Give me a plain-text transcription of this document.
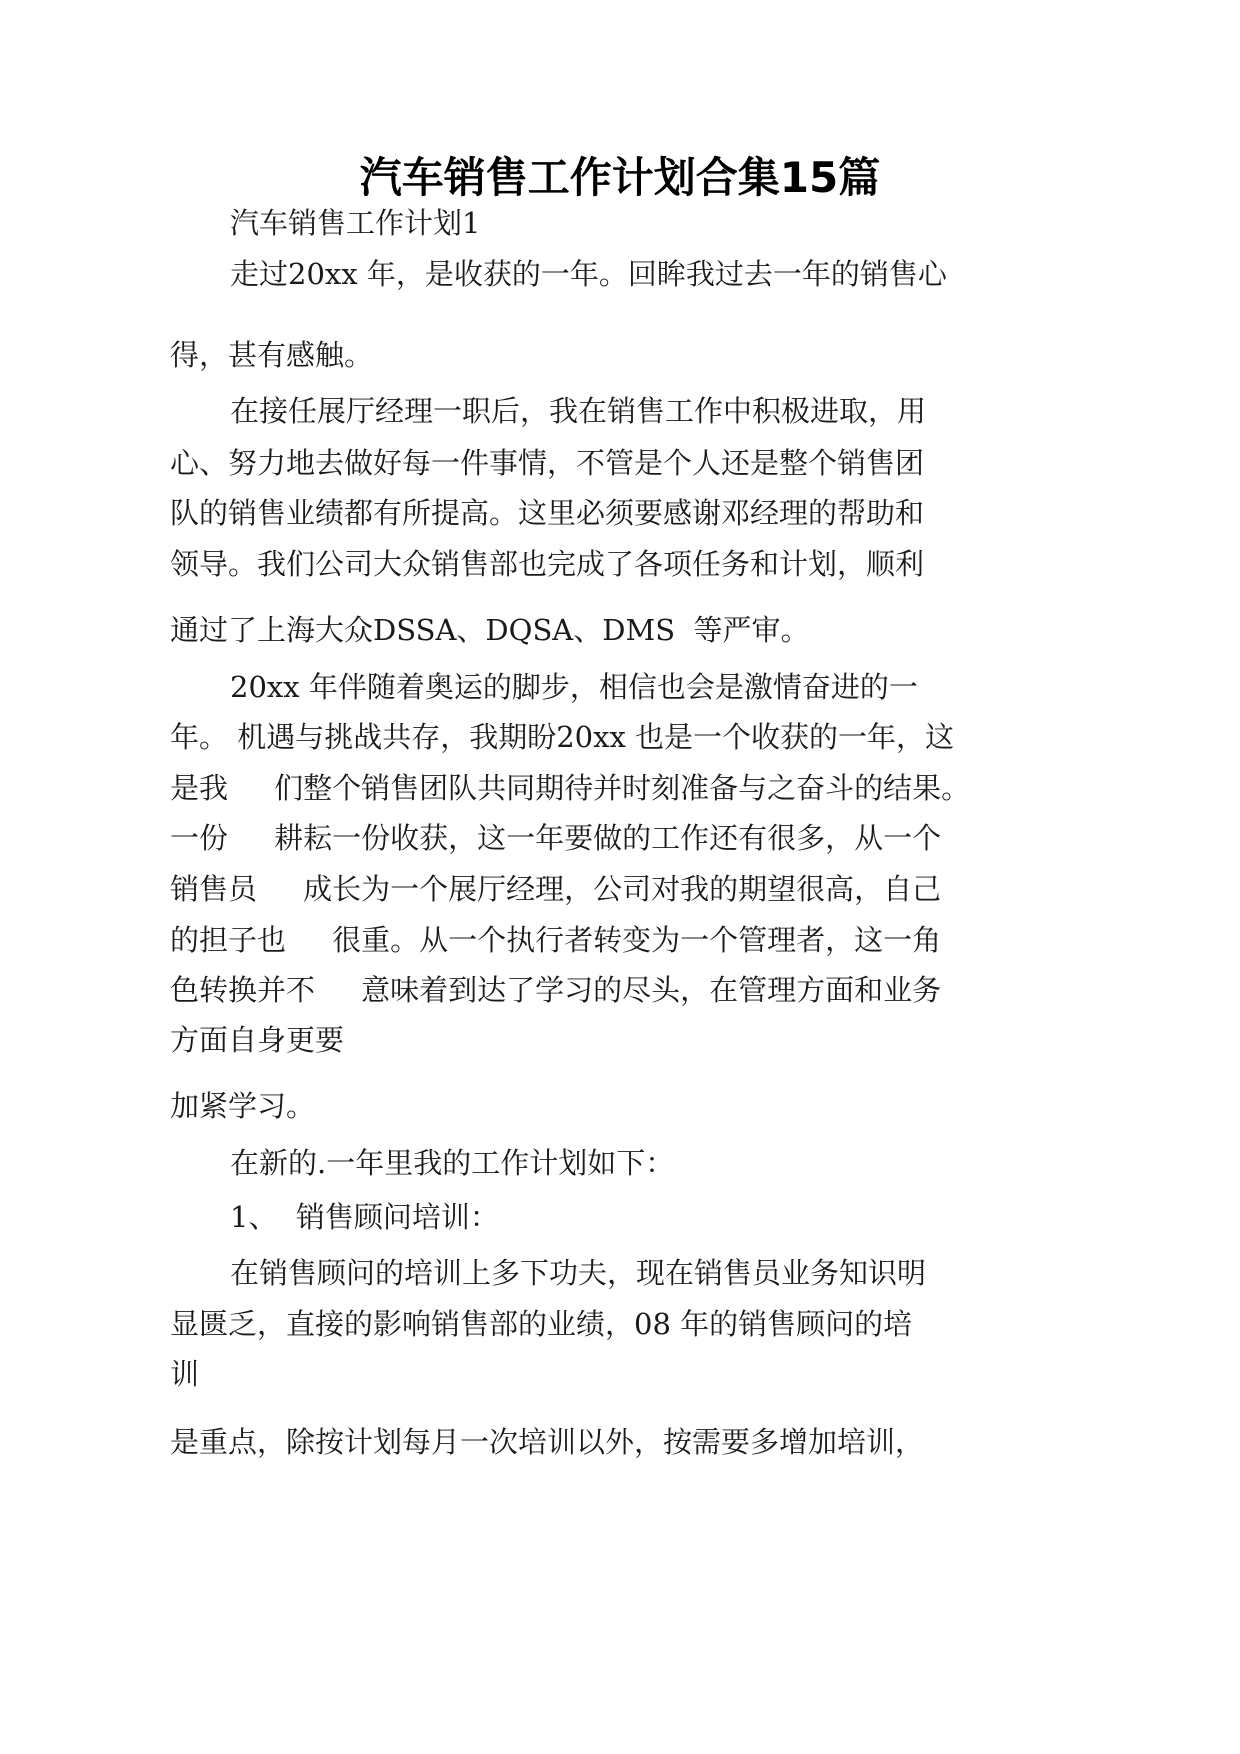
汽车销售工作计划合集15篇
汽车销售工作计划1
走过20xx 年，是收获的一年。回眸我过去一年的销售心
得，甚有感触。
在接任展厅经理一职后，我在销售工作中积极进取，用
心、努力地去做好每一件事情，不管是个人还是整个销售团
队的销售业绩都有所提高。这里必须要感谢邓经理的帮助和
领导。我们公司大众销售部也完成了各项任务和计划，顺利
通过了上海大众DSSA、DQSA、DMS  等严审。
20xx 年伴随着奥运的脚步，相信也会是激情奋进的一
年。 机遇与挑战共存，我期盼20xx 也是一个收获的一年，这
是我     们整个销售团队共同期待并时刻准备与之奋斗的结果。
一份     耕耘一份收获，这一年要做的工作还有很多，从一个
销售员     成长为一个展厅经理，公司对我的期望很高，自己
的担子也     很重。从一个执行者转变为一个管理者，这一角
色转换并不     意味着到达了学习的尽头，在管理方面和业务
方面自身更要
加紧学习。
在新的.一年里我的工作计划如下：
1、  销售顾问培训：
在销售顾问的培训上多下功夫，现在销售员业务知识明
显匮乏，直接的影响销售部的业绩，08 年的销售顾问的培
训
是重点，除按计划每月一次培训以外，按需要多增加培训，
